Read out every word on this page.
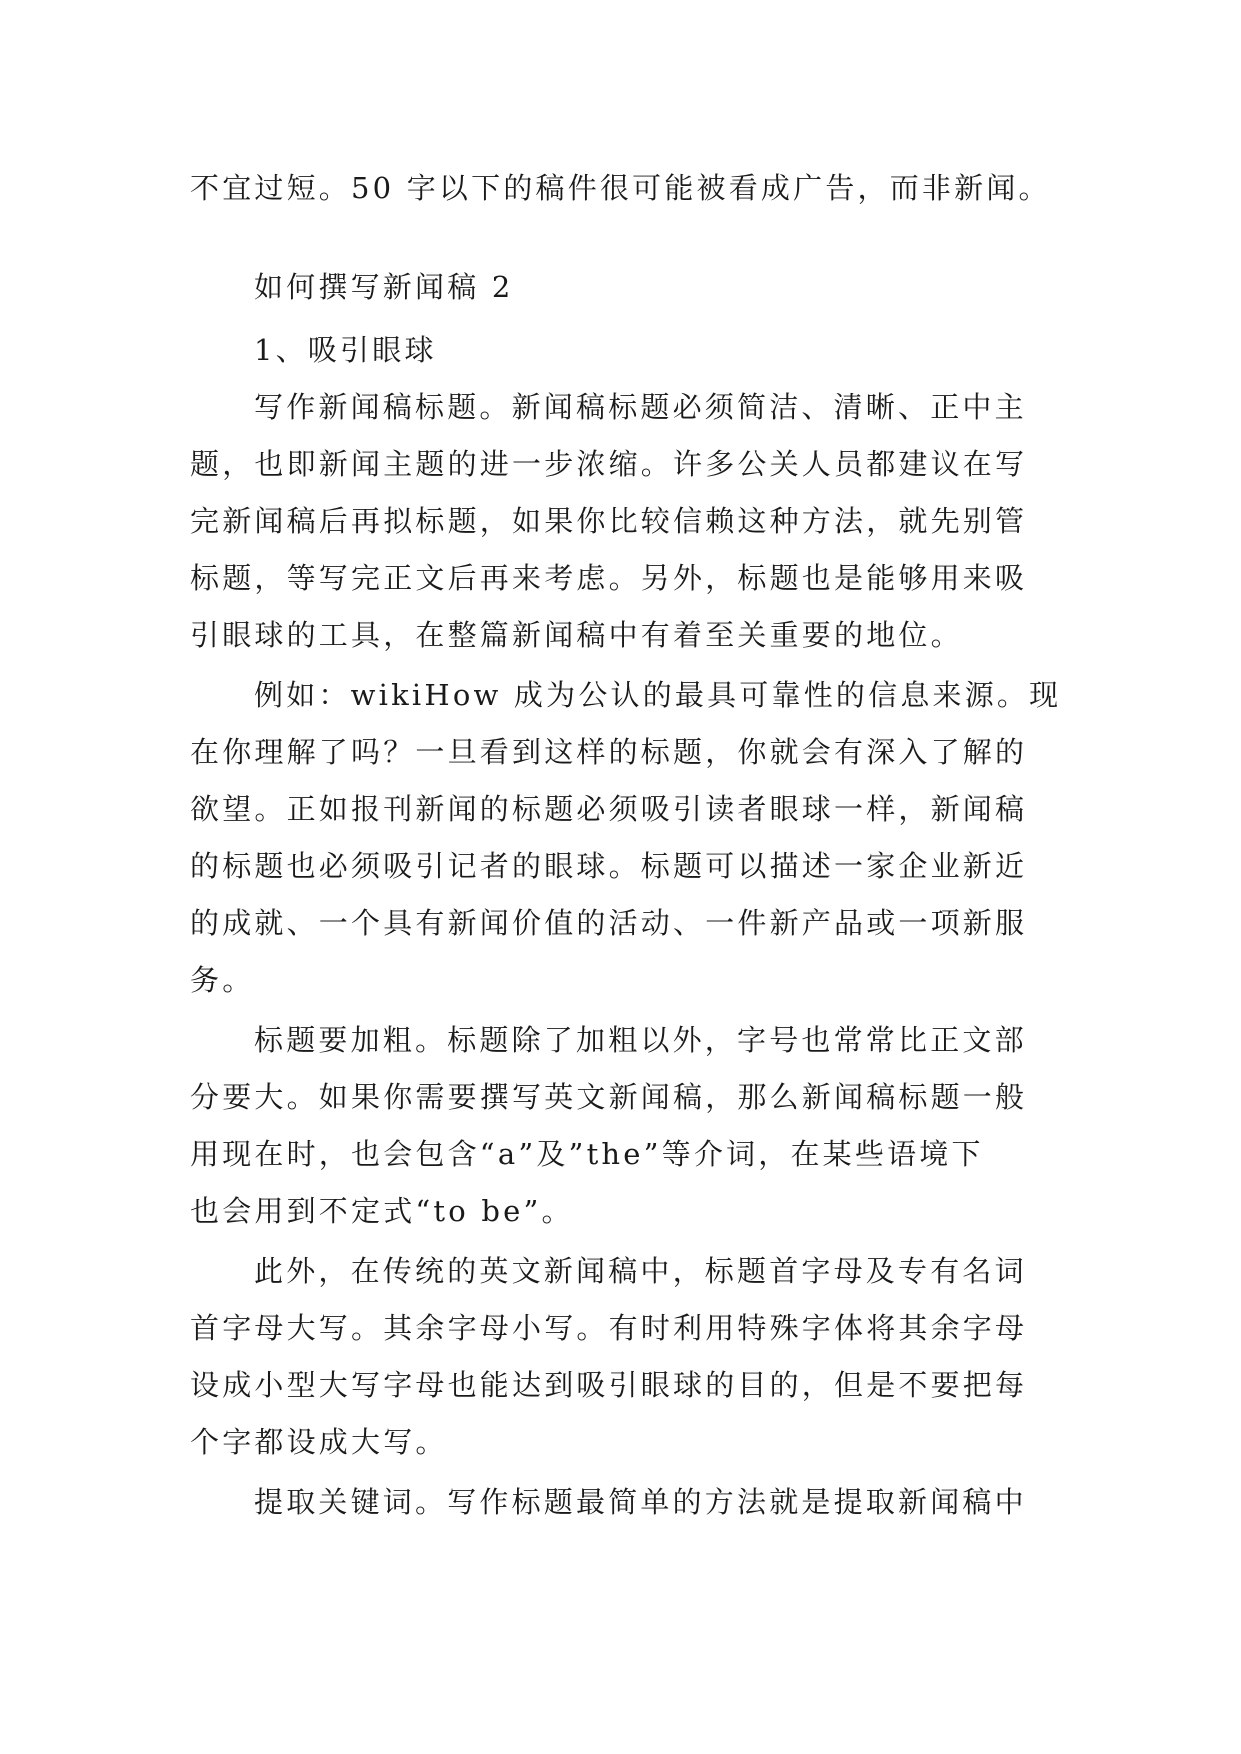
不宜过短。50 字以下的稿件很可能被看成广告，而非新闻。
如何撰写新闻稿 2
1、吸引眼球
写作新闻稿标题。新闻稿标题必须简洁、清晰、正中主
题，也即新闻主题的进一步浓缩。许多公关人员都建议在写
完新闻稿后再拟标题，如果你比较信赖这种方法，就先别管
标题，等写完正文后再来考虑。另外，标题也是能够用来吸
引眼球的工具，在整篇新闻稿中有着至关重要的地位。
例如：wikiHow 成为公认的最具可靠性的信息来源。现
在你理解了吗？一旦看到这样的标题，你就会有深入了解的
欲望。正如报刊新闻的标题必须吸引读者眼球一样，新闻稿
的标题也必须吸引记者的眼球。标题可以描述一家企业新近
的成就、一个具有新闻价值的活动、一件新产品或一项新服
务。
标题要加粗。标题除了加粗以外，字号也常常比正文部
分要大。如果你需要撰写英文新闻稿，那么新闻稿标题一般
用现在时，也会包含“a”及”the”等介词，在某些语境下
也会用到不定式“to be”。
此外，在传统的英文新闻稿中，标题首字母及专有名词
首字母大写。其余字母小写。有时利用特殊字体将其余字母
设成小型大写字母也能达到吸引眼球的目的，但是不要把每
个字都设成大写。
提取关键词。写作标题最简单的方法就是提取新闻稿中
